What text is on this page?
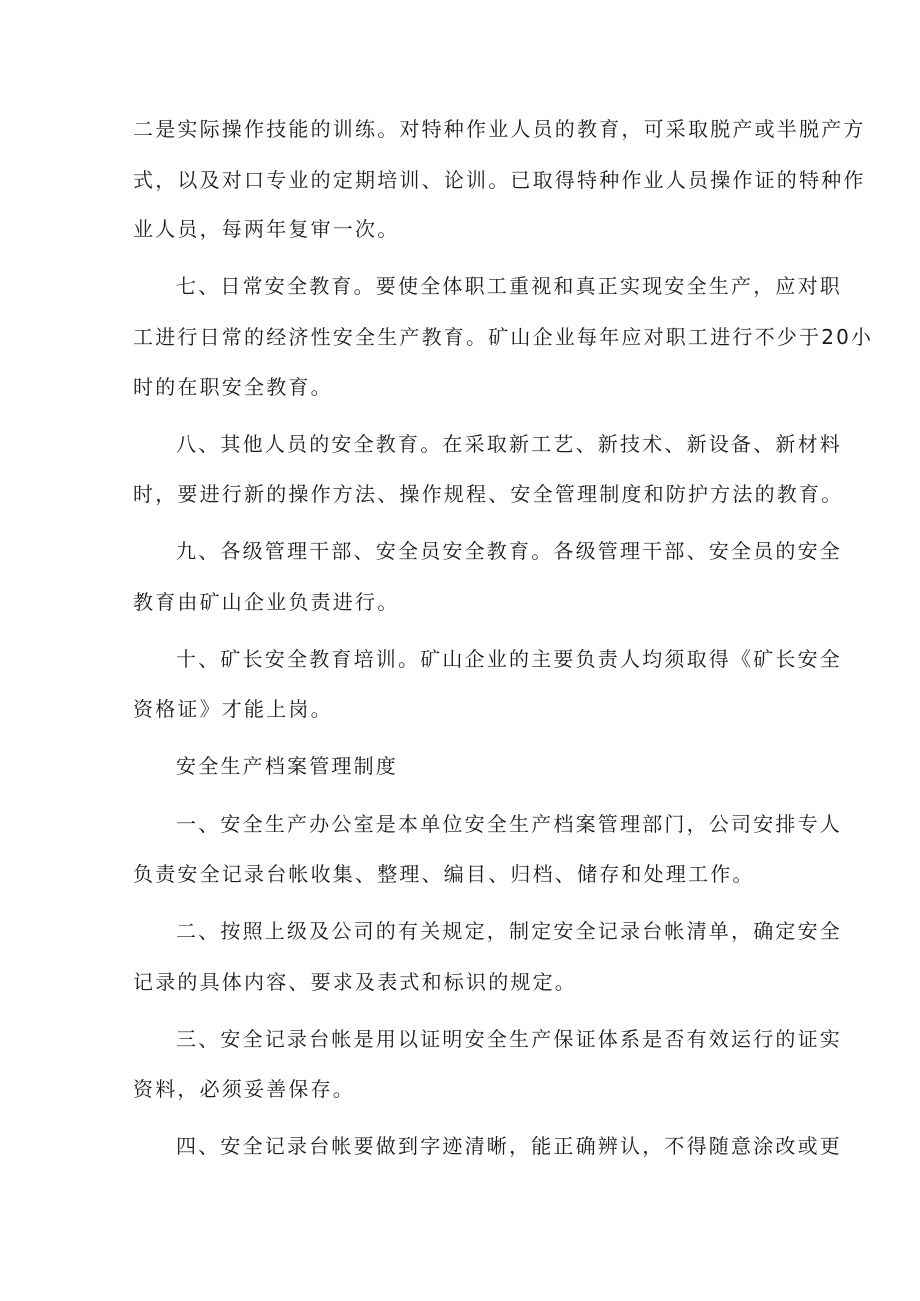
二是实际操作技能的训练。对特种作业人员的教育，可采取脱产或半脱产方
式，以及对口专业的定期培训、论训。已取得特种作业人员操作证的特种作
业人员，每两年复审一次。
七、日常安全教育。要使全体职工重视和真正实现安全生产，应对职
工进行日常的经济性安全生产教育。矿山企业每年应对职工进行不少于20小
时的在职安全教育。
八、其他人员的安全教育。在采取新工艺、新技术、新设备、新材料
时，要进行新的操作方法、操作规程、安全管理制度和防护方法的教育。
九、各级管理干部、安全员安全教育。各级管理干部、安全员的安全
教育由矿山企业负责进行。
十、矿长安全教育培训。矿山企业的主要负责人均须取得《矿长安全
资格证》才能上岗。
安全生产档案管理制度
一、安全生产办公室是本单位安全生产档案管理部门，公司安排专人
负责安全记录台帐收集、整理、编目、归档、储存和处理工作。
二、按照上级及公司的有关规定，制定安全记录台帐清单，确定安全
记录的具体内容、要求及表式和标识的规定。
三、安全记录台帐是用以证明安全生产保证体系是否有效运行的证实
资料，必须妥善保存。
四、安全记录台帐要做到字迹清晰，能正确辨认，不得随意涂改或更
